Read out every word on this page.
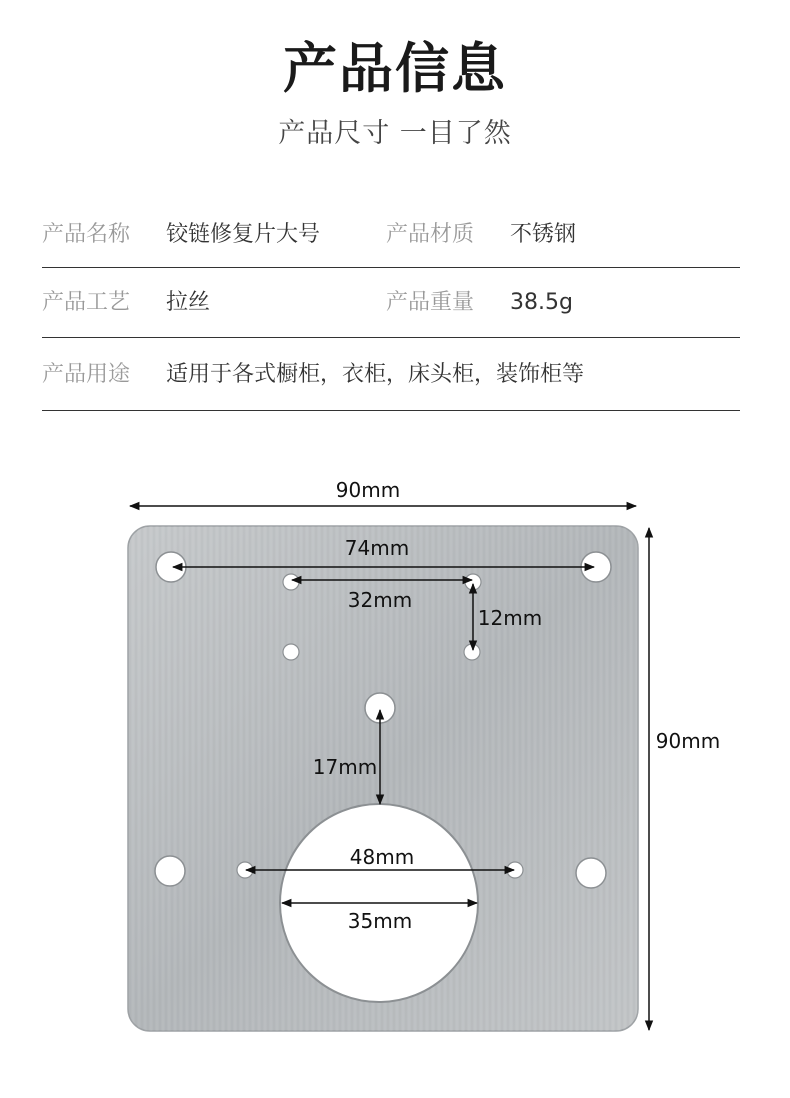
产品信息
产品尺寸 一目了然
产品名称 铰链修复片大号	产品材质 不锈钢
产品工艺 拉丝	产品重量 38.5g
产品用途 适用于各式橱柜，衣柜，床头柜，装饰柜等
90mm
90mm
74mm
32mm
12mm
17mm
48mm
35mm
